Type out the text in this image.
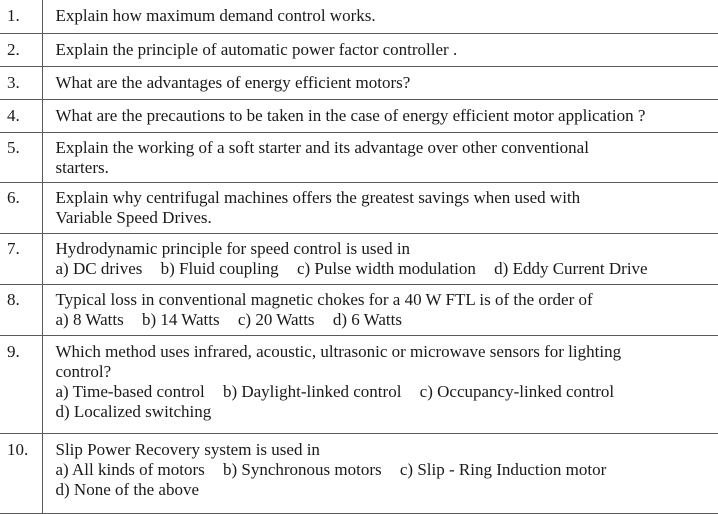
1.	Explain how maximum demand control works.

2.	Explain the principle of automatic power factor controller .

3.	What are the advantages of energy efficient motors?

4.	What are the precautions to be taken in the case of energy efficient motor application ?

5.	Explain the working of a soft starter and its advantage over other conventional
starters.

6.	Explain why centrifugal machines offers the greatest savings when used with
Variable Speed Drives.

7.	Hydrodynamic principle for speed control is used in
a) DC drives b) Fluid coupling c) Pulse width modulation d) Eddy Current Drive

8.	Typical loss in conventional magnetic chokes for a 40 W FTL is of the order of
a) 8 Watts b) 14 Watts c) 20 Watts d) 6 Watts

9.	Which method uses infrared, acoustic, ultrasonic or microwave sensors for lighting
control?
a) Time-based control b) Daylight-linked control c) Occupancy-linked control
d) Localized switching

10.	Slip Power Recovery system is used in
a) All kinds of motors b) Synchronous motors c) Slip - Ring Induction motor
d) None of the above
